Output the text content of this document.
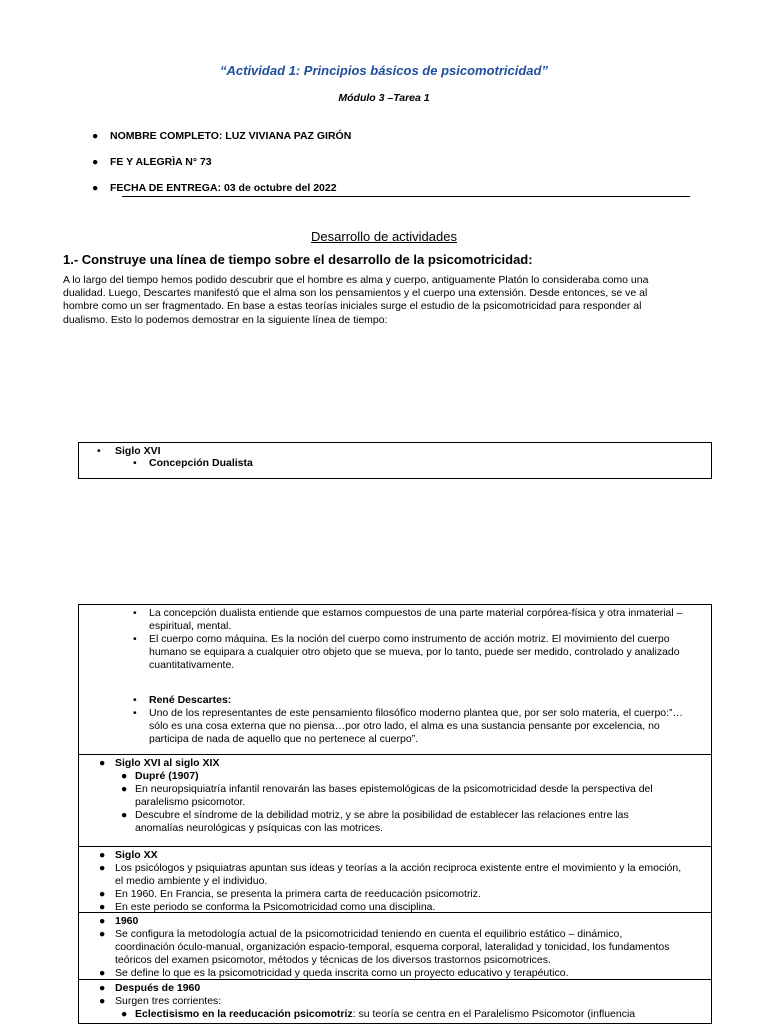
“Actividad 1: Principios básicos de psicomotricidad”
Módulo 3 –Tarea 1
● NOMBRE COMPLETO: LUZ VIVIANA PAZ GIRÓN
● FE Y ALEGRÌA N° 73
● FECHA DE ENTREGA: 03 de octubre del 2022
Desarrollo de actividades
1.- Construye una línea de tiempo sobre el desarrollo de la psicomotricidad:
A lo largo del tiempo hemos podido descubrir que el hombre es alma y cuerpo, antiguamente Platón lo consideraba como una
dualidad. Luego, Descartes manifestó que el alma son los pensamientos y el cuerpo una extensión. Desde entonces, se ve al
hombre como un ser fragmentado. En base a estas teorías iniciales surge el estudio de la psicomotricidad para responder al
dualismo. Esto lo podemos demostrar en la siguiente línea de tiempo:
• Siglo XVI
• Concepción Dualista
• La concepción dualista entiende que estamos compuestos de una parte material corpórea-física y otra inmaterial –
espiritual, mental.
• El cuerpo como máquina. Es la noción del cuerpo como instrumento de acción motriz. El movimiento del cuerpo
humano se equipara a cualquier otro objeto que se mueva, por lo tanto, puede ser medido, controlado y analizado
cuantitativamente.
• René Descartes:
• Uno de los representantes de este pensamiento filosófico moderno plantea que, por ser solo materia, el cuerpo:”…
sólo es una cosa externa que no piensa…por otro lado, el alma es una sustancia pensante por excelencia, no
participa de nada de aquello que no pertenece al cuerpo”.
● Siglo XVI al siglo XIX
● Dupré (1907)
● En neuropsiquiatría infantil renovarán las bases epistemológicas de la psicomotricidad desde la perspectiva del
paralelismo psicomotor.
● Descubre el síndrome de la debilidad motriz, y se abre la posibilidad de establecer las relaciones entre las
anomalías neurológicas y psíquicas con las motrices.
● Siglo XX
● Los psicólogos y psiquiatras apuntan sus ideas y teorías a la acción reciproca existente entre el movimiento y la emoción,
el medio ambiente y el individuo.
● En 1960. En Francia, se presenta la primera carta de reeducación psicomotriz.
● En este periodo se conforma la Psicomotricidad como una disciplina.
● 1960
● Se configura la metodología actual de la psicomotricidad teniendo en cuenta el equilibrio estático – dinámico,
coordinación óculo-manual, organización espacio-temporal, esquema corporal, lateralidad y tonicidad, los fundamentos
teóricos del examen psicomotor, métodos y técnicas de los diversos trastornos psicomotrices.
● Se define lo que es la psicomotricidad y queda inscrita como un proyecto educativo y terapéutico.
● Después de 1960
● Surgen tres corrientes:
● Eclectisismo en la reeducación psicomotriz: su teoría se centra en el Paralelismo Psicomotor (influencia
